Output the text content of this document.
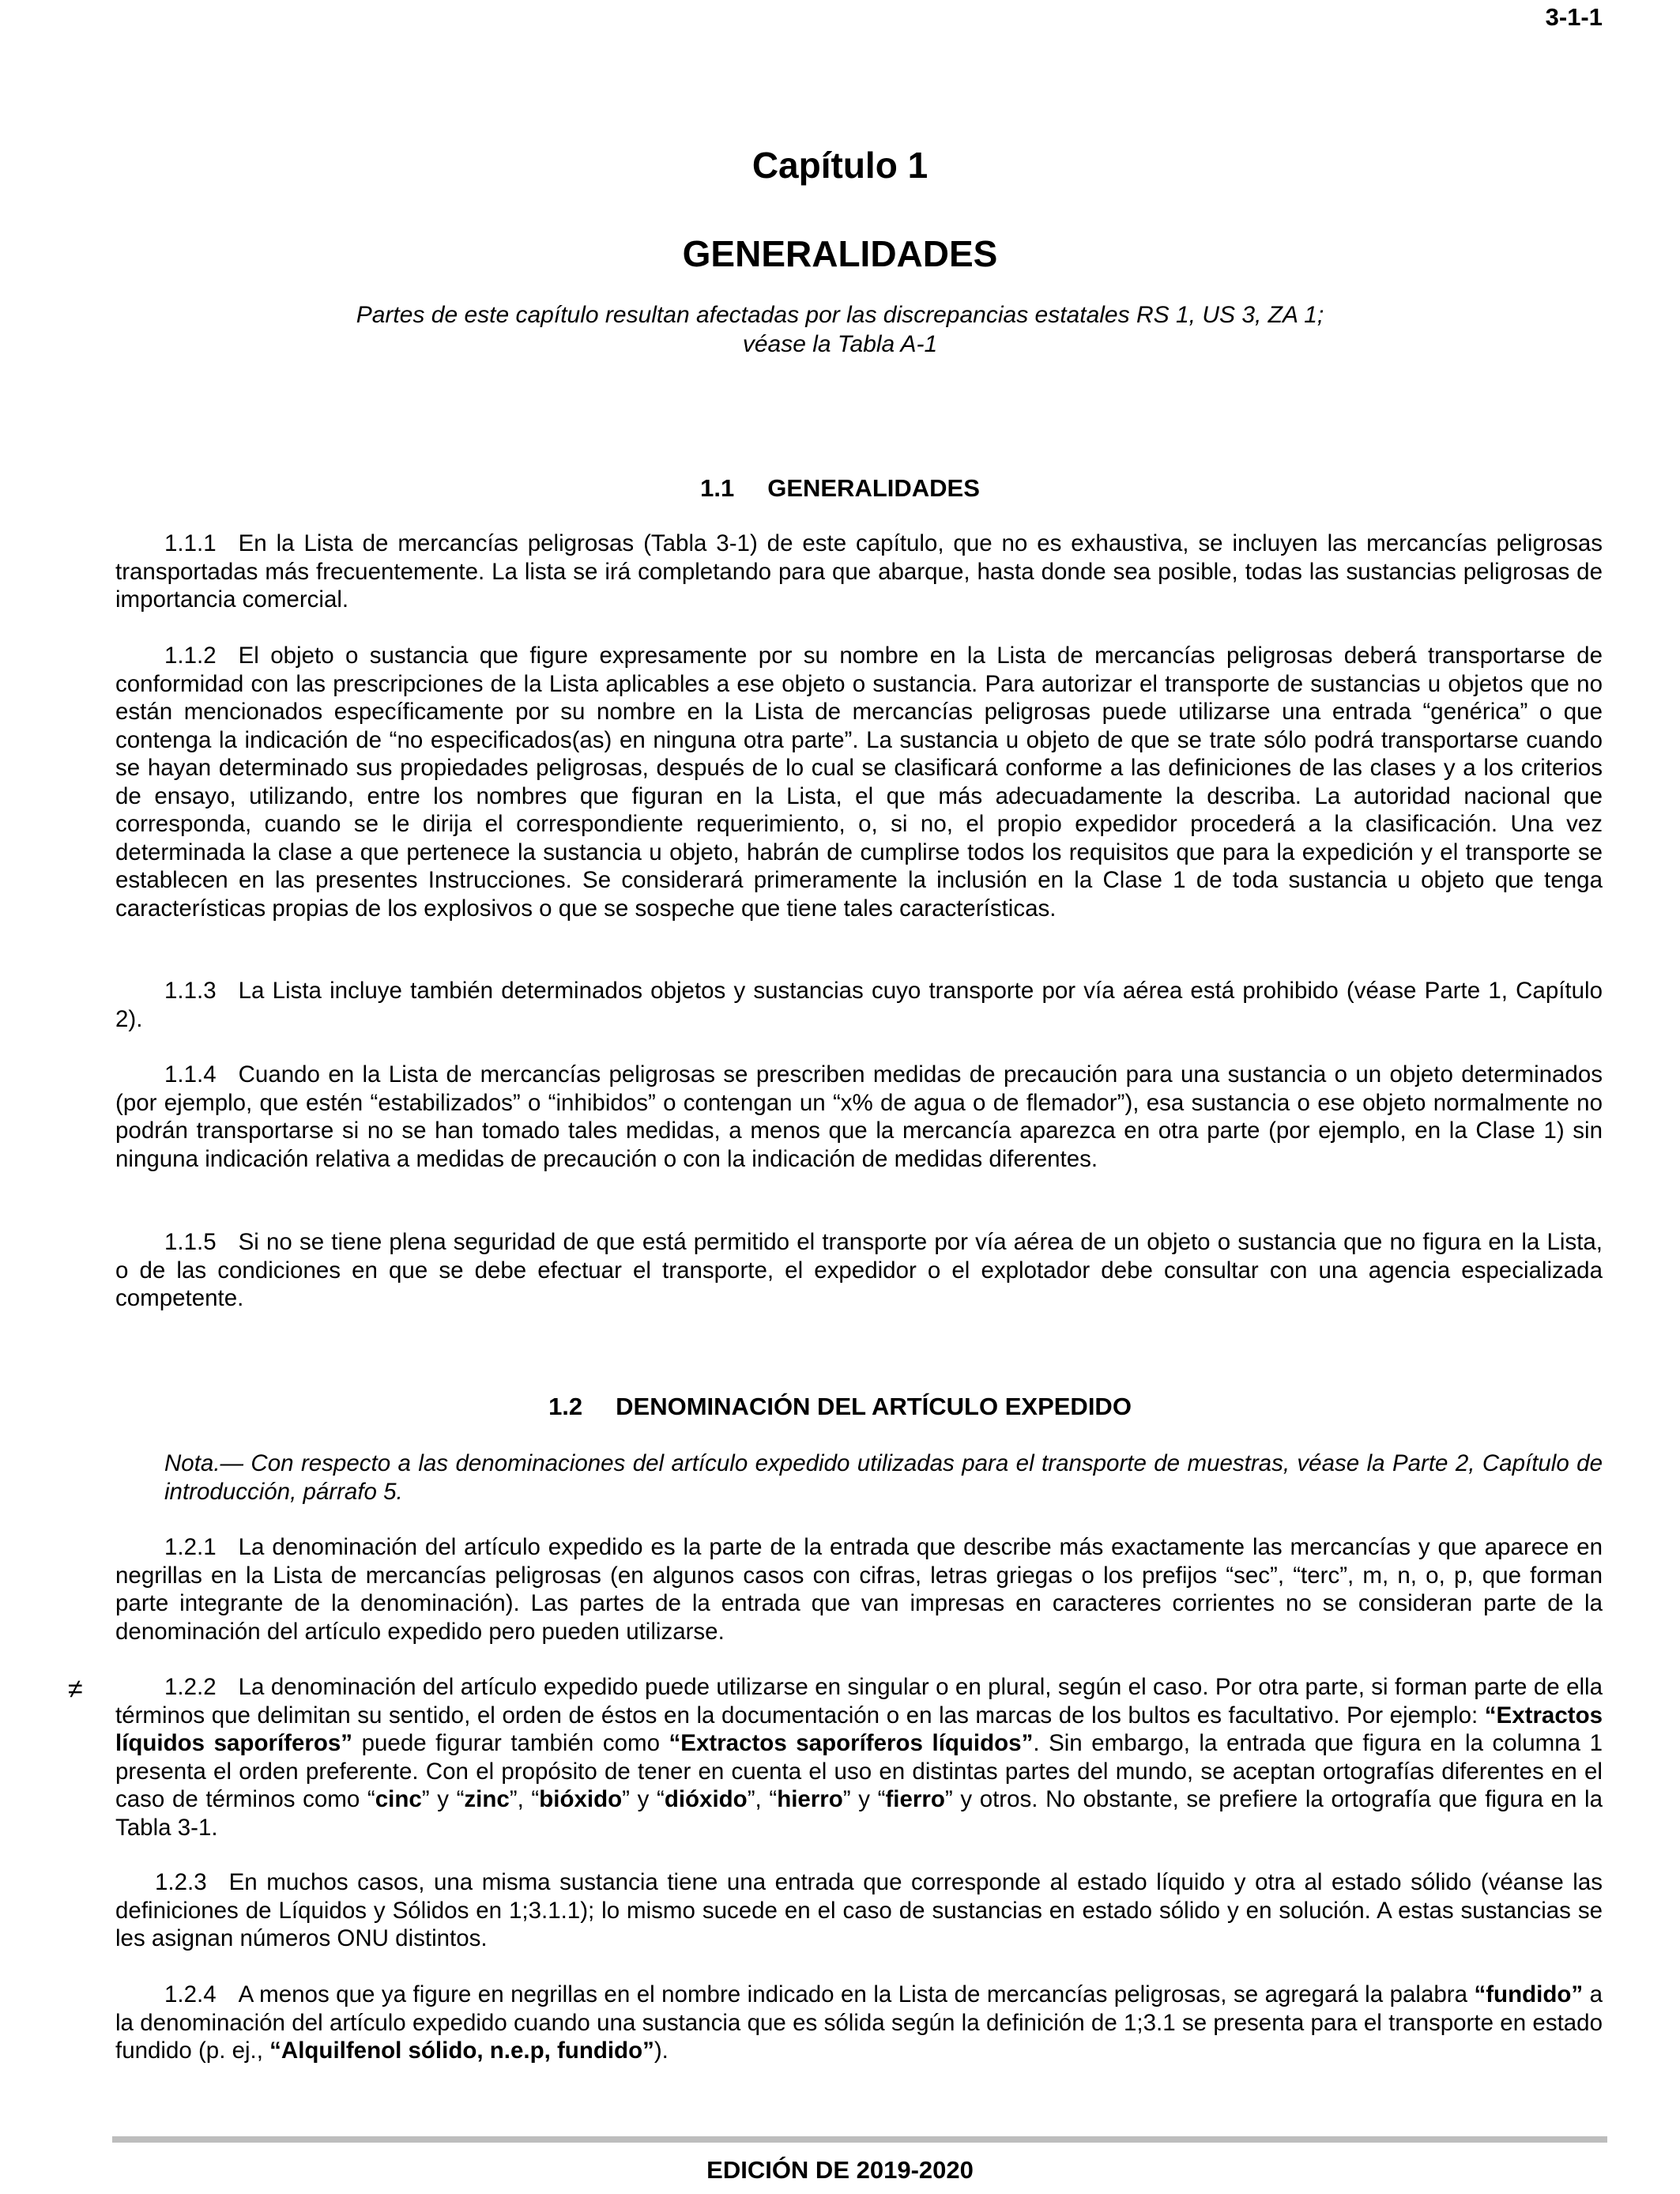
3-1-1
Capítulo 1
GENERALIDADES
Partes de este capítulo resultan afectadas por las discrepancias estatales RS 1, US 3, ZA 1;
véase la Tabla A-1
1.1 GENERALIDADES

1.1.1 En la Lista de mercancías peligrosas (Tabla 3-1) de este capítulo, que no es exhaustiva, se incluyen las mercancías peligrosas transportadas más frecuentemente. La lista se irá completando para que abarque, hasta donde sea posible, todas las sustancias peligrosas de importancia comercial.

1.1.2 El objeto o sustancia que figure expresamente por su nombre en la Lista de mercancías peligrosas deberá transportarse de conformidad con las prescripciones de la Lista aplicables a ese objeto o sustancia. Para autorizar el transporte de sustancias u objetos que no están mencionados específicamente por su nombre en la Lista de mercancías peligrosas puede utilizarse una entrada “genérica” o que contenga la indicación de “no especificados(as) en ninguna otra parte”. La sustancia u objeto de que se trate sólo podrá transportarse cuando se hayan determinado sus propiedades peligrosas, después de lo cual se clasificará conforme a las definiciones de las clases y a los criterios de ensayo, utilizando, entre los nombres que figuran en la Lista, el que más adecuadamente la describa. La autoridad nacional que corresponda, cuando se le dirija el correspondiente requerimiento, o, si no, el propio expedidor procederá a la clasificación. Una vez determinada la clase a que pertenece la sustancia u objeto, habrán de cumplirse todos los requisitos que para la expedición y el transporte se establecen en las presentes Instrucciones. Se considerará primeramente la inclusión en la Clase 1 de toda sustancia u objeto que tenga características propias de los explosivos o que se sospeche que tiene tales características.

1.1.3 La Lista incluye también determinados objetos y sustancias cuyo transporte por vía aérea está prohibido (véase Parte 1, Capítulo 2).

1.1.4 Cuando en la Lista de mercancías peligrosas se prescriben medidas de precaución para una sustancia o un objeto determinados (por ejemplo, que estén “estabilizados” o “inhibidos” o contengan un “x% de agua o de flemador”), esa sustancia o ese objeto normalmente no podrán transportarse si no se han tomado tales medidas, a menos que la mercancía aparezca en otra parte (por ejemplo, en la Clase 1) sin ninguna indicación relativa a medidas de precaución o con la indicación de medidas diferentes.

1.1.5 Si no se tiene plena seguridad de que está permitido el transporte por vía aérea de un objeto o sustancia que no figura en la Lista, o de las condiciones en que se debe efectuar el transporte, el expedidor o el explotador debe consultar con una agencia especializada competente.

1.2 DENOMINACIÓN DEL ARTÍCULO EXPEDIDO

Nota.— Con respecto a las denominaciones del artículo expedido utilizadas para el transporte de muestras, véase la Parte 2, Capítulo de introducción, párrafo 5.

1.2.1 La denominación del artículo expedido es la parte de la entrada que describe más exactamente las mercancías y que aparece en negrillas en la Lista de mercancías peligrosas (en algunos casos con cifras, letras griegas o los prefijos “sec”, “terc”, m, n, o, p, que forman parte integrante de la denominación). Las partes de la entrada que van impresas en caracteres corrientes no se consideran parte de la denominación del artículo expedido pero pueden utilizarse.

≠	1.2.2 La denominación del artículo expedido puede utilizarse en singular o en plural, según el caso. Por otra parte, si forman parte de ella términos que delimitan su sentido, el orden de éstos en la documentación o en las marcas de los bultos es facultativo. Por ejemplo: “Extractos líquidos saporíferos” puede figurar también como “Extractos saporíferos líquidos”. Sin embargo, la entrada que figura en la columna 1 presenta el orden preferente. Con el propósito de tener en cuenta el uso en distintas partes del mundo, se aceptan ortografías diferentes en el caso de términos como “cinc” y “zinc”, “bióxido” y “dióxido”, “hierro” y “fierro” y otros. No obstante, se prefiere la ortografía que figura en la Tabla 3-1.

1.2.3 En muchos casos, una misma sustancia tiene una entrada que corresponde al estado líquido y otra al estado sólido (véanse las definiciones de Líquidos y Sólidos en 1;3.1.1); lo mismo sucede en el caso de sustancias en estado sólido y en solución. A estas sustancias se les asignan números ONU distintos.

1.2.4 A menos que ya figure en negrillas en el nombre indicado en la Lista de mercancías peligrosas, se agregará la palabra “fundido” a la denominación del artículo expedido cuando una sustancia que es sólida según la definición de 1;3.1 se presenta para el transporte en estado fundido (p. ej., “Alquilfenol sólido, n.e.p, fundido”).

EDICIÓN DE 2019-2020
